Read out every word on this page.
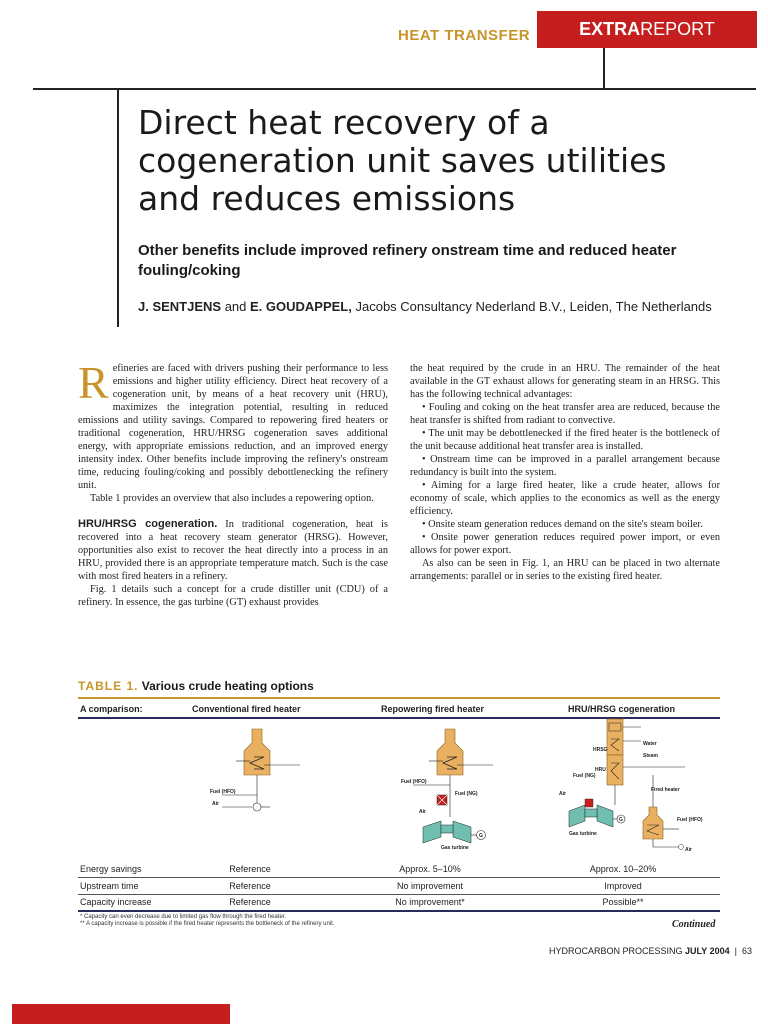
HEAT TRANSFER	EXTRAREPORT
Direct heat recovery of a cogeneration unit saves utilities and reduces emissions
Other benefits include improved refinery onstream time and reduced heater fouling/coking
J. SENTJENS and E. GOUDAPPEL, Jacobs Consultancy Nederland B.V., Leiden, The Netherlands

Refineries are faced with drivers pushing their performance to less emissions and higher utility efficiency. Direct heat recovery of a cogeneration unit, by means of a heat recovery unit (HRU), maximizes the integration potential, resulting in reduced emissions and utility savings. Compared to repowering fired heaters or traditional cogeneration, HRU/HRSG cogeneration saves additional energy, with appropriate emissions reduction, and an improved energy intensity index. Other benefits include improving the refinery's onstream time, reducing fouling/coking and possibly debottlenecking the refinery unit.

Table 1 provides an overview that also includes a repowering option.

HRU/HRSG cogeneration. In traditional cogeneration, heat is recovered into a heat recovery steam generator (HRSG). However, opportunities also exist to recover the heat directly into a process in an HRU, provided there is an appropriate temperature match. Such is the case with most fired heaters in a refinery.

Fig. 1 details such a concept for a crude distiller unit (CDU) of a refinery. In essence, the gas turbine (GT) exhaust provides

the heat required by the crude in an HRU. The remainder of the heat available in the GT exhaust allows for generating steam in an HRSG. This has the following technical advantages:

• Fouling and coking on the heat transfer area are reduced, because the heat transfer is shifted from radiant to convective.

• The unit may be debottlenecked if the fired heater is the bottleneck of the unit because additional heat transfer area is installed.

• Onstream time can be improved in a parallel arrangement because redundancy is built into the system.

• Aiming for a large fired heater, like a crude heater, allows for economy of scale, which applies to the economics as well as the energy efficiency.

• Onsite steam generation reduces demand on the site's steam boiler.

• Onsite power generation reduces required power import, or even allows for power export.

As also can be seen in Fig. 1, an HRU can be placed in two alternate arrangements: parallel or in series to the existing fired heater.

TABLE 1. Various crude heating options
A comparison:	Conventional fired heater	Repowering fired heater	HRU/HRSG cogeneration
Fuel (HFO)
Air
G
Fuel (HFO)
Air
Fuel (NG)
Gas turbine
G
HRSG
HRU
Water
Steam
Fuel (NG)
Air
Gas turbine
Fired heater
Fuel (HFO)
Air
Energy savings	Reference	Approx. 5–10%	Approx. 10–20%
Upstream time	Reference	No improvement	Improved
Capacity increase	Reference	No improvement*	Possible**
* Capacity can even decrease due to limited gas flow through the fired heater.
** A capacity increase is possible if the fired heater represents the bottleneck of the refinery unit.	Continued
HYDROCARBON PROCESSING JULY 2004  |  63
